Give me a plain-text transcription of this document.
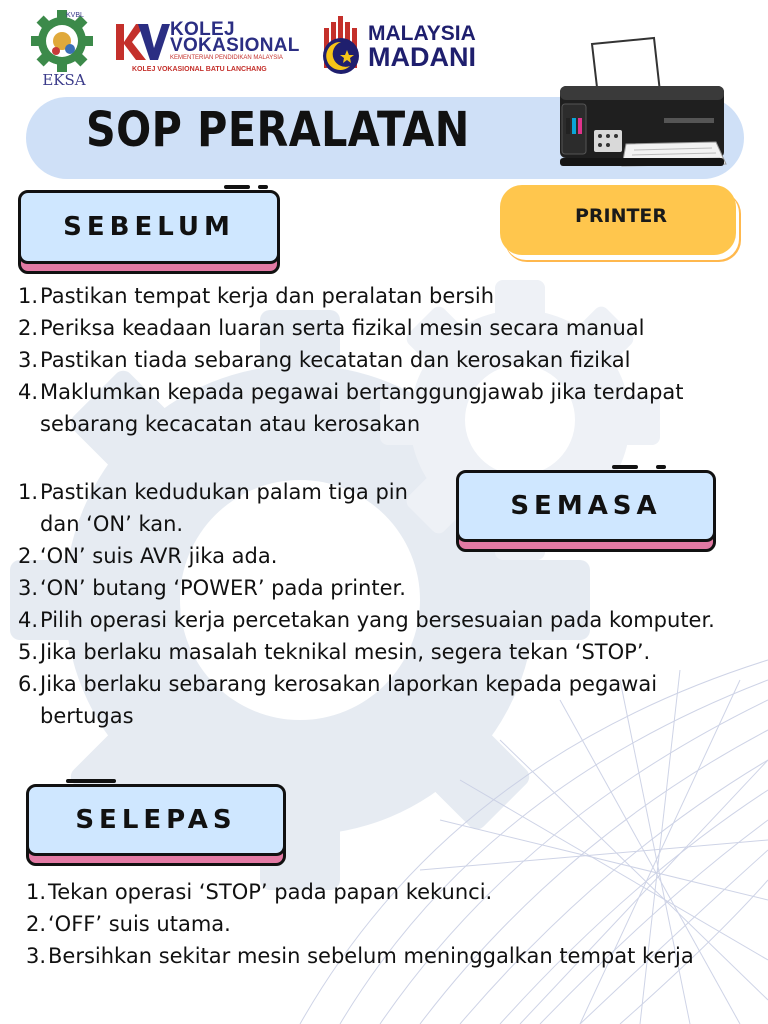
KVBL
EKSA
KOLEJ
VOKASIONAL
KEMENTERIAN PENDIDIKAN MALAYSIA
KOLEJ VOKASIONAL BATU LANCHANG
MALAYSIA
MADANI
SOP PERALATAN
PRINTER
SEBELUM
1. Pastikan tempat kerja dan peralatan bersih
2. Periksa keadaan luaran serta fizikal mesin secara manual
3. Pastikan tiada sebarang kecatatan dan kerosakan fizikal
4. Maklumkan kepada pegawai bertanggungjawab jika terdapat sebarang kecacatan atau kerosakan
SEMASA
1. Pastikan kedudukan palam tiga pin dan ‘ON’ kan.
2. ‘ON’ suis AVR jika ada.
3. ‘ON’ butang ‘POWER’ pada printer.
4. Pilih operasi kerja percetakan yang bersesuaian pada komputer.
5. Jika berlaku masalah teknikal mesin, segera tekan ‘STOP’.
6. Jika berlaku sebarang kerosakan laporkan kepada pegawai bertugas
SELEPAS
1. Tekan operasi ‘STOP’ pada papan kekunci.
2. ‘OFF’ suis utama.
3. Bersihkan sekitar mesin sebelum meninggalkan tempat kerja
